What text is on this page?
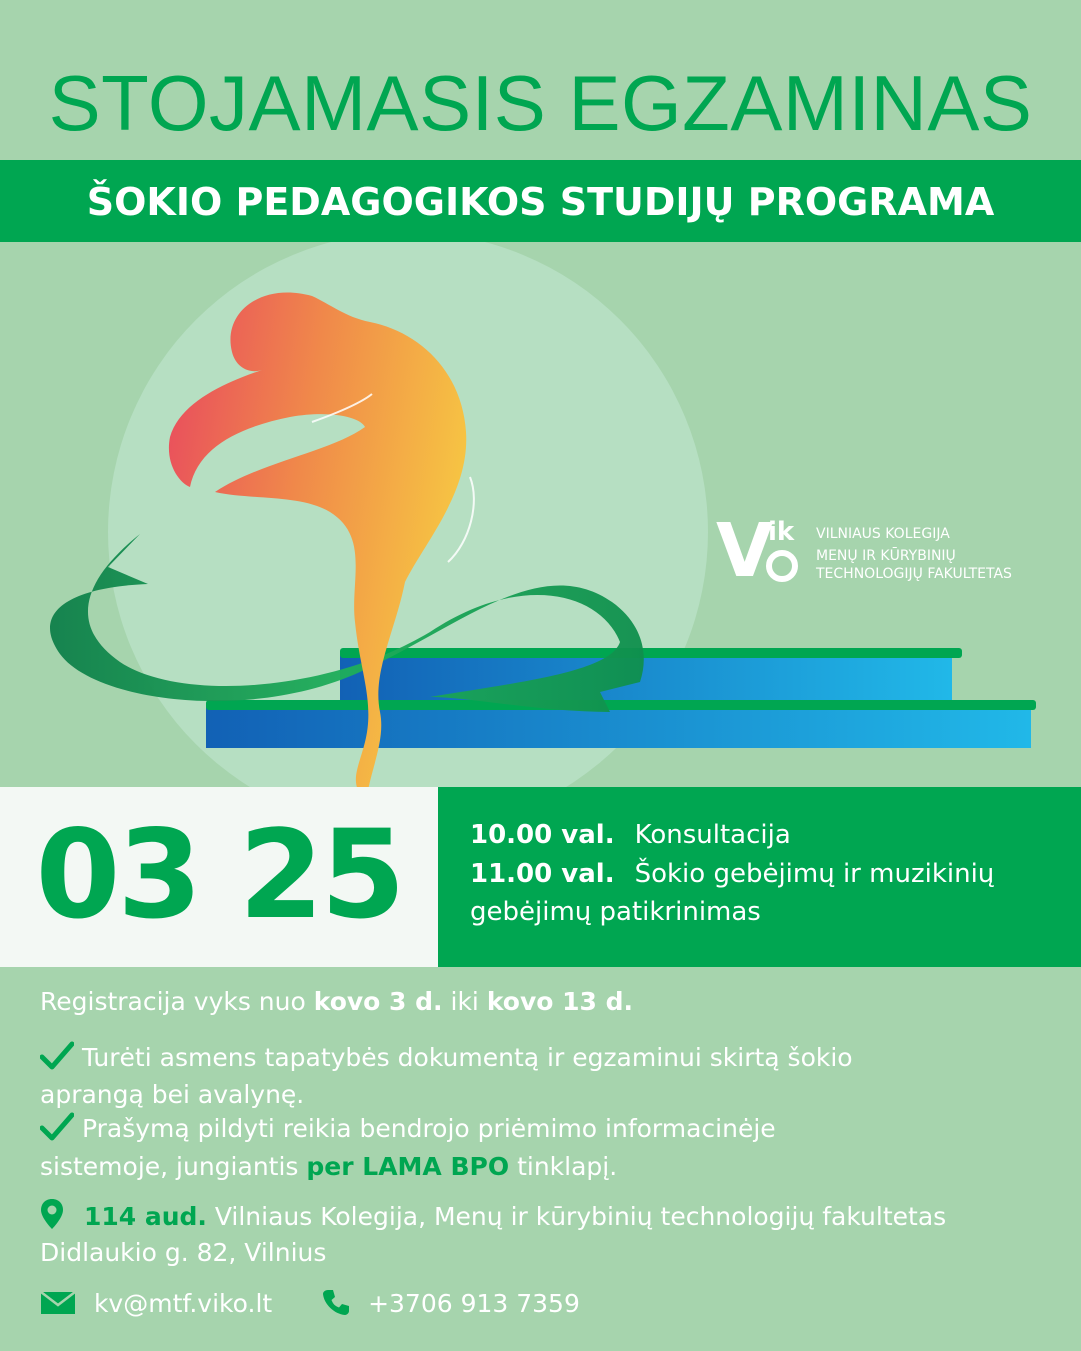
STOJAMASIS EGZAMINAS
ŠOKIO PEDAGOGIKOS STUDIJŲ PROGRAMA
V
ik VILNIAUS KOLEGIJA
MENŲ IR KŪRYBINIŲ
TECHNOLOGIJŲ FAKULTETAS
03 25	10.00 val. Konsultacija
11.00 val. Šokio gebėjimų ir muzikinių
gebėjimų patikrinimas
Registracija vyks nuo kovo 3 d. iki kovo 13 d.
Turėti asmens tapatybės dokumentą ir egzaminui skirtą šokio
aprangą bei avalynę.
Prašymą pildyti reikia bendrojo priėmimo informacinėje
sistemoje, jungiantis per LAMA BPO tinklapį.
114 aud. Vilniaus Kolegija, Menų ir kūrybinių technologijų fakultetas
Didlaukio g. 82, Vilnius
kv@mtf.viko.lt	+3706 913 7359
